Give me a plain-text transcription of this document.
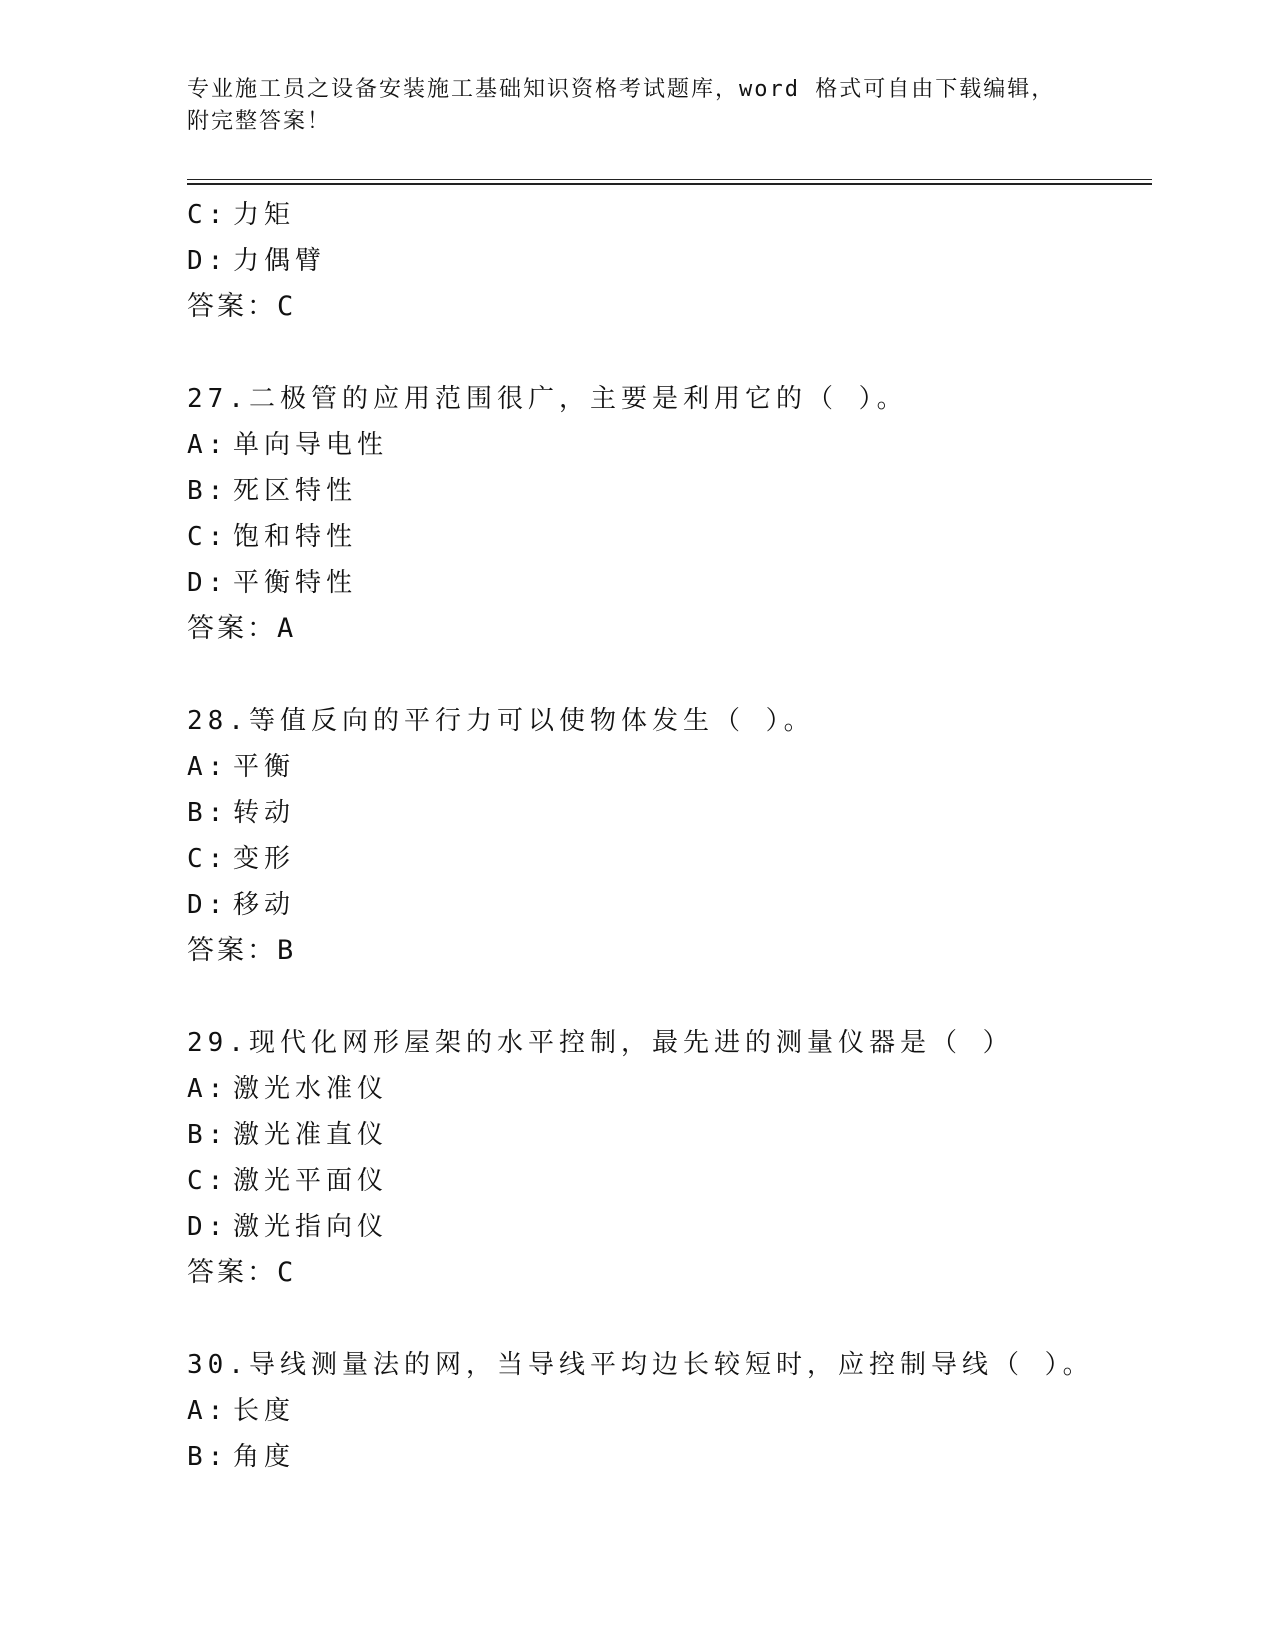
专业施工员之设备安装施工基础知识资格考试题库，word 格式可自由下载编辑，
附完整答案！
C: 力矩
D: 力偶臂
答案：C
27.二极管的应用范围很广，主要是利用它的（ ）。
A: 单向导电性
B: 死区特性
C: 饱和特性
D: 平衡特性
答案：A
28.等值反向的平行力可以使物体发生（ ）。
A: 平衡
B: 转动
C: 变形
D: 移动
答案：B
29.现代化网形屋架的水平控制，最先进的测量仪器是（ ）
A: 激光水准仪
B: 激光准直仪
C: 激光平面仪
D: 激光指向仪
答案：C
30.导线测量法的网，当导线平均边长较短时，应控制导线（ ）。
A: 长度
B: 角度
